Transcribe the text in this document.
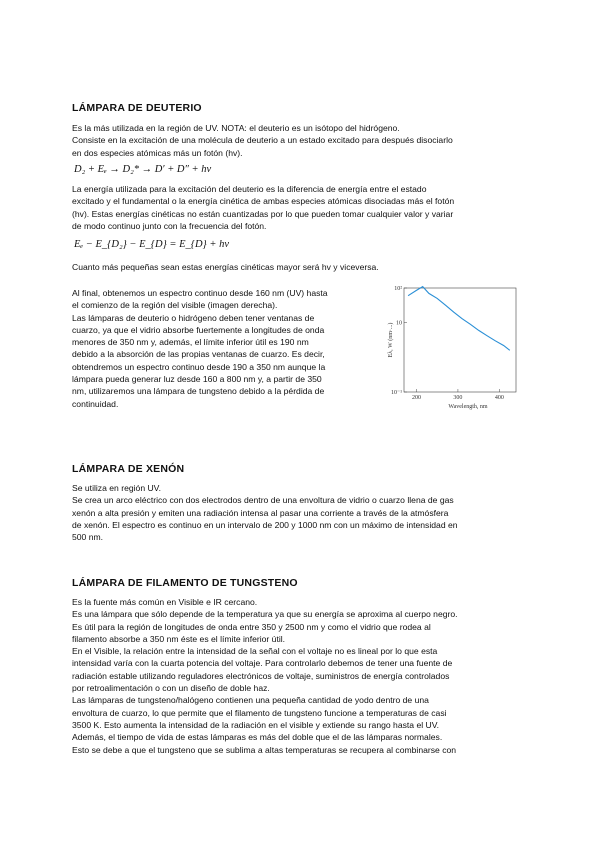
LÁMPARA DE DEUTERIO
Es la más utilizada en la región de UV. NOTA: el deuterio es un isótopo del hidrógeno.
Consiste en la excitación de una molécula de deuterio a un estado excitado para después disociarlo
en dos especies atómicas más un fotón (hv).
D₂ + Eₑ → D₂* → D′ + D″ + hν
La energía utilizada para la excitación del deuterio es la diferencia de energía entre el estado
excitado y el fundamental o la energía cinética de ambas especies atómicas disociadas más el fotón
(hv). Estas energías cinéticas no están cuantizadas por lo que pueden tomar cualquier valor y variar
de modo continuo junto con la frecuencia del fotón.
Eₑ − E_{D₂} − E_{D} = E_{D} + hν
Cuanto más pequeñas sean estas energías cinéticas mayor será hv y viceversa.
Al final, obtenemos un espectro continuo desde 160 nm (UV) hasta
el comienzo de la región del visible (imagen derecha).
Las lámparas de deuterio o hidrógeno deben tener ventanas de
cuarzo, ya que el vidrio absorbe fuertemente a longitudes de onda
menores de 350 nm y, además, el límite inferior útil es 190 nm
debido a la absorción de las propias ventanas de cuarzo. Es decir,
obtendremos un espectro continuo desde 190 a 350 nm aunque la
lámpara pueda generar luz desde 160 a 800 nm y, a partir de 350
nm, utilizaremos una lámpara de tungsteno debido a la pérdida de
continuidad.
10²
10
10⁻¹
200	300	400
Wavelength, nm
Eλ, W (nm·...)
LÁMPARA DE XENÓN
Se utiliza en región UV.
Se crea un arco eléctrico con dos electrodos dentro de una envoltura de vidrio o cuarzo llena de gas
xenón a alta presión y emiten una radiación intensa al pasar una corriente a través de la atmósfera
de xenón. El espectro es continuo en un intervalo de 200 y 1000 nm con un máximo de intensidad en
500 nm.
LÁMPARA DE FILAMENTO DE TUNGSTENO
Es la fuente más común en Visible e IR cercano.
Es una lámpara que sólo depende de la temperatura ya que su energía se aproxima al cuerpo negro.
Es útil para la región de longitudes de onda entre 350 y 2500 nm y como el vidrio que rodea al
filamento absorbe a 350 nm éste es el límite inferior útil.
En el Visible, la relación entre la intensidad de la señal con el voltaje no es lineal por lo que esta
intensidad varía con la cuarta potencia del voltaje. Para controlarlo debemos de tener una fuente de
radiación estable utilizando reguladores electrónicos de voltaje, suministros de energía controlados
por retroalimentación o con un diseño de doble haz.
Las lámparas de tungsteno/halógeno contienen una pequeña cantidad de yodo dentro de una
envoltura de cuarzo, lo que permite que el filamento de tungsteno funcione a temperaturas de casi
3500 K. Esto aumenta la intensidad de la radiación en el visible y extiende su rango hasta el UV.
Además, el tiempo de vida de estas lámparas es más del doble que el de las lámparas normales.
Esto se debe a que el tungsteno que se sublima a altas temperaturas se recupera al combinarse con
